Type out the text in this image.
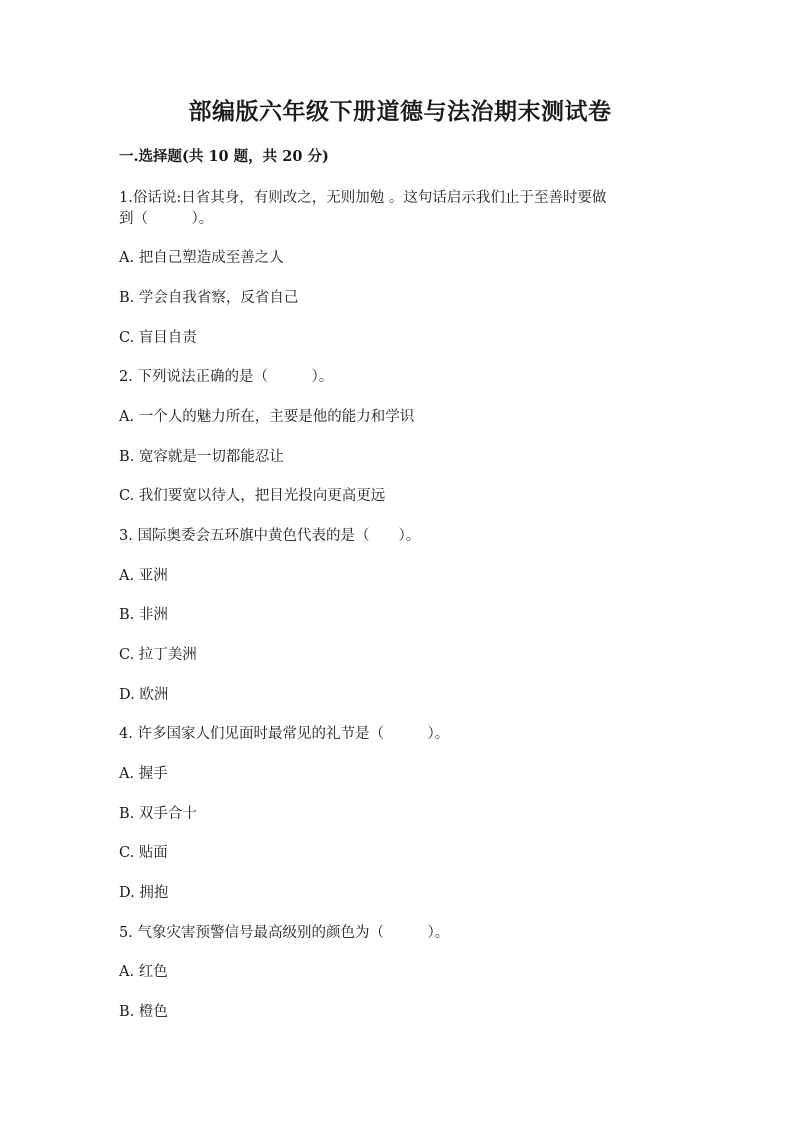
部编版六年级下册道德与法治期末测试卷
一.选择题(共 10 题，共 20 分)
1.俗话说:日省其身，有则改之，无则加勉 。这句话启示我们止于至善时要做
到（　　　）。
A. 把自己塑造成至善之人
B. 学会自我省察，反省自己
C. 盲目自责
2. 下列说法正确的是（　　　）。
A. 一个人的魅力所在，主要是他的能力和学识
B. 宽容就是一切都能忍让
C. 我们要宽以待人，把目光投向更高更远
3. 国际奥委会五环旗中黄色代表的是（　　）。
A. 亚洲
B. 非洲
C. 拉丁美洲
D. 欧洲
4. 许多国家人们见面时最常见的礼节是（　　　）。
A. 握手
B. 双手合十
C. 贴面
D. 拥抱
5. 气象灾害预警信号最高级别的颜色为（　　　）。
A. 红色
B. 橙色
